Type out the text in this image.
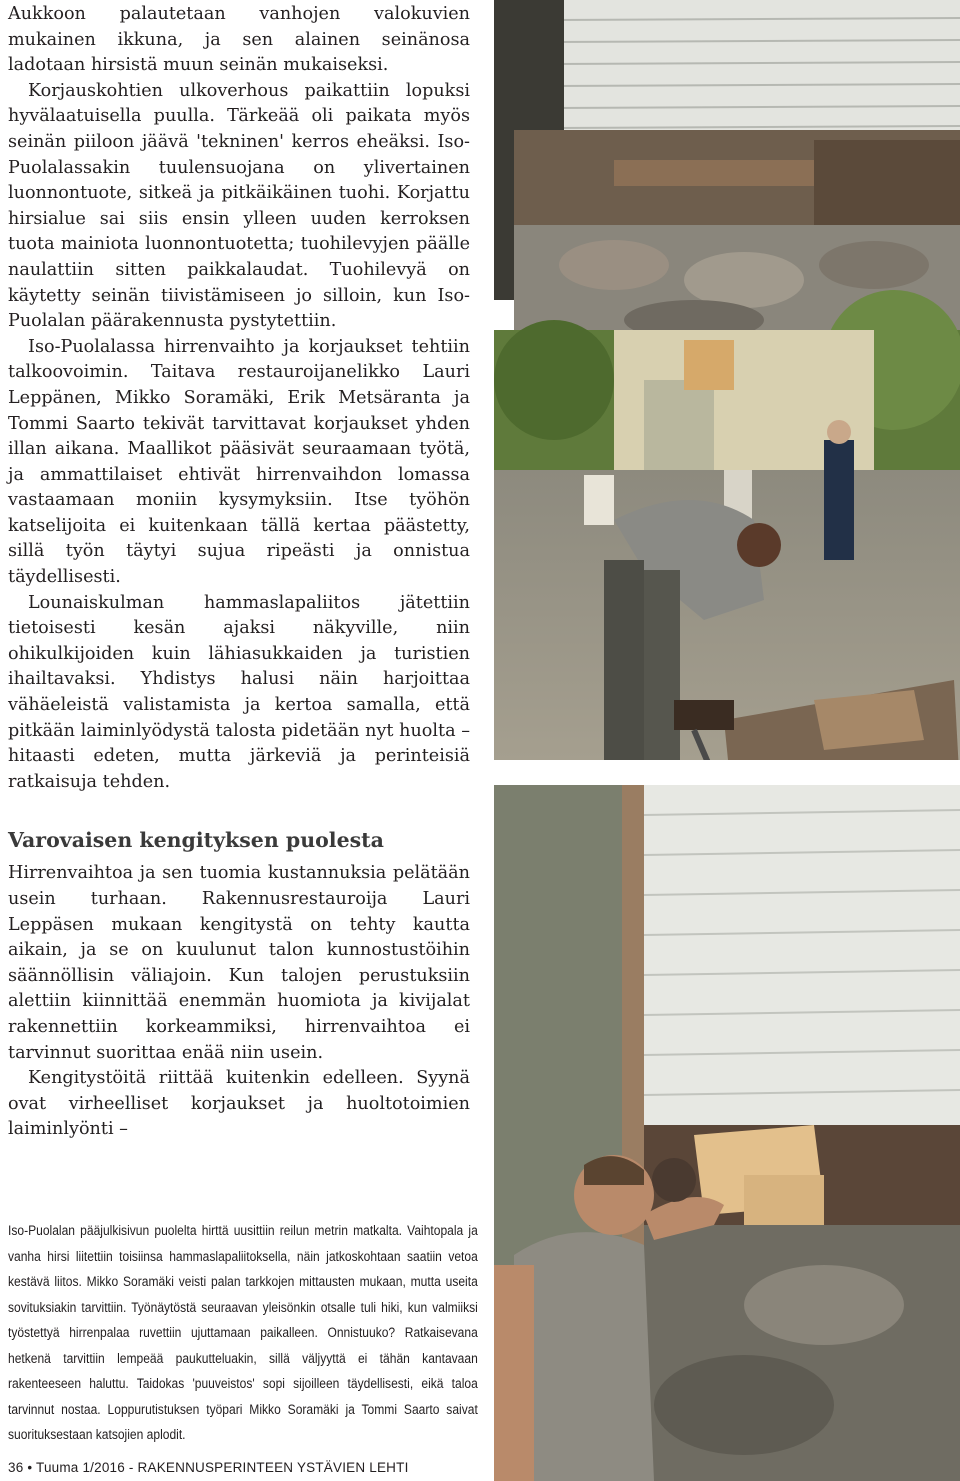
Aukkoon palautetaan vanhojen valokuvien mukainen ikkuna, ja sen alainen seinänosa ladotaan hirsistä muun seinän mukaiseksi.

Korjauskohtien ulkoverhous paikattiin lopuksi hyvälaatuisella puulla. Tärkeää oli paikata myös seinän piiloon jäävä 'tekninen' kerros eheäksi. Iso-Puolalassakin tuulensuojana on ylivertainen luonnontuote, sitkeä ja pitkäikäinen tuohi. Korjattu hirsialue sai siis ensin ylleen uuden kerroksen tuota mainiota luonnontuotetta; tuohilevyjen päälle naulattiin sitten paikkalaudat. Tuohilevyä on käytetty seinän tiivistämiseen jo silloin, kun Iso-Puolalan päärakennusta pystytettiin.

Iso-Puolalassa hirrenvaihto ja korjaukset tehtiin talkoovoimin. Taitava restauroijanelikko Lauri Leppänen, Mikko Soramäki, Erik Metsäranta ja Tommi Saarto tekivät tarvittavat korjaukset yhden illan aikana. Maallikot pääsivät seuraamaan työtä, ja ammattilaiset ehtivät hirrenvaihdon lomassa vastaamaan moniin kysymyksiin. Itse työhön katselijoita ei kuitenkaan tällä kertaa päästetty, sillä työn täytyi sujua ripeästi ja onnistua täydellisesti.

Lounaiskulman hammaslapaliitos jätettiin tietoisesti kesän ajaksi näkyville, niin ohikulkijoiden kuin lähiasukkaiden ja turistien ihailtavaksi. Yhdistys halusi näin harjoittaa vähäeleistä valistamista ja kertoa samalla, että pitkään laiminlyödystä talosta pidetään nyt huolta – hitaasti edeten, mutta järkeviä ja perinteisiä ratkaisuja tehden.

Varovaisen kengityksen puolesta

Hirrenvaihtoa ja sen tuomia kustannuksia pelätään usein turhaan. Rakennusrestauroija Lauri Leppäsen mukaan kengitystä on tehty kautta aikain, ja se on kuulunut talon kunnostustöihin säännöllisin väliajoin. Kun talojen perustuksiin alettiin kiinnittää enemmän huomiota ja kivijalat rakennettiin korkeammiksi, hirrenvaihtoa ei tarvinnut suorittaa enää niin usein.

Kengitystöitä riittää kuitenkin edelleen. Syynä ovat virheelliset korjaukset ja huoltotoimien laiminlyönti –

Iso-Puolalan pääjulkisivun puolelta hirttä uusittiin reilun metrin matkalta. Vaihtopala ja vanha hirsi liitettiin toisiinsa hammaslapaliitoksella, näin jatkoskohtaan saatiin vetoa kestävä liitos. Mikko Soramäki veisti palan tarkkojen mittausten mukaan, mutta useita sovituksiakin tarvittiin. Työnäytöstä seuraavan yleisönkin otsalle tuli hiki, kun valmiiksi työstettyä hirrenpalaa ruvettiin ujuttamaan paikalleen. Onnistuuko? Ratkaisevana hetkenä tarvittiin lempeää paukutteluakin, sillä väljyyttä ei tähän kantavaan rakenteeseen haluttu. Taidokas 'puuveistos' sopi sijoilleen täydellisesti, eikä taloa tarvinnut nostaa. Loppurutistuksen työpari Mikko Soramäki ja Tommi Saarto saivat suorituksestaan katsojien aplodit.
36 • Tuuma 1/2016 - RAKENNUSPERINTEEN YSTÄVIEN LEHTI
